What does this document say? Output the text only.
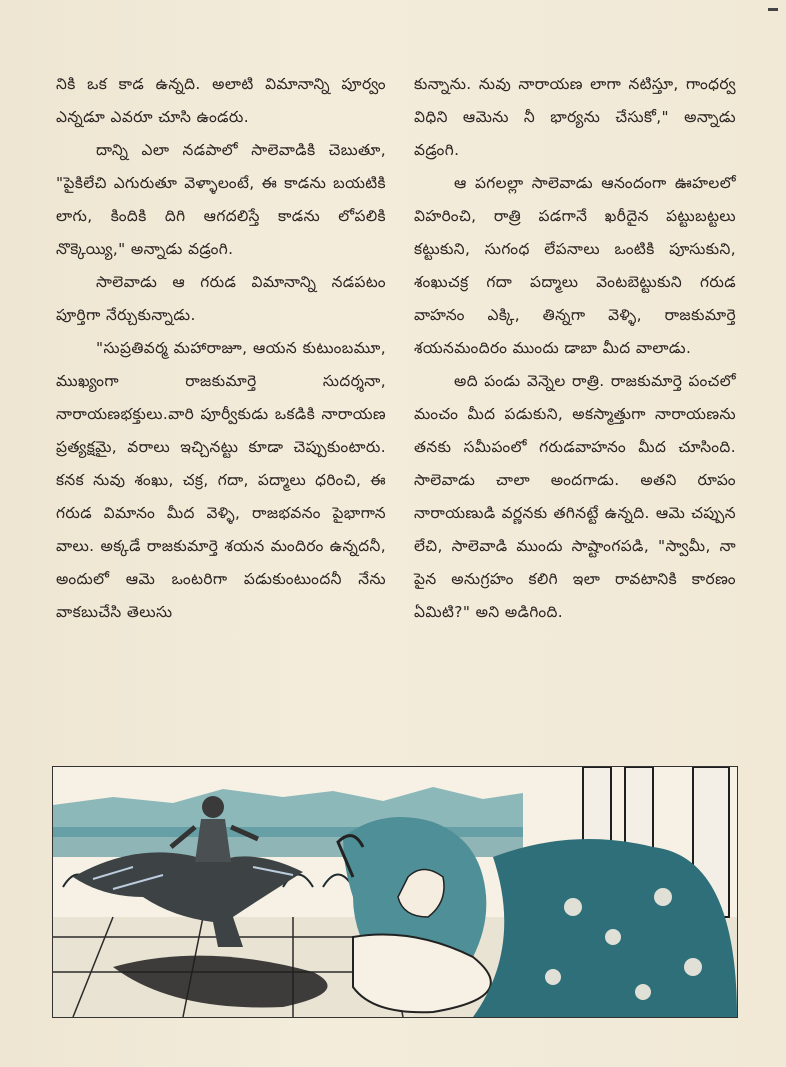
నికి ఒక కాడ ఉన్నది. అలాటి విమానాన్ని పూర్వం ఎన్నడూ ఎవరూ చూసి ఉండరు.

దాన్ని ఎలా నడపాలో సాలెవాడికి చెబుతూ, "పైకిలేచి ఎగురుతూ వెళ్ళాలంటే, ఈ కాడను బయటికి లాగు, కిందికి దిగి ఆగదలిస్తే కాడను లోపలికి నొక్కెయ్యి," అన్నాడు వడ్రంగి.

సాలెవాడు ఆ గరుడ విమానాన్ని నడపటం పూర్తిగా నేర్చుకున్నాడు.

"సుప్రతివర్మ మహారాజూ, ఆయన కుటుంబమూ, ముఖ్యంగా రాజకుమార్తె సుదర్శనా, నారాయణభక్తులు.వారి పూర్వీకుడు ఒకడికి నారాయణ ప్రత్యక్షమై, వరాలు ఇచ్చినట్టు కూడా చెప్పుకుంటారు. కనక నువు శంఖు, చక్ర, గదా, పద్మాలు ధరించి, ఈ గరుడ విమానం మీద వెళ్ళి, రాజభవనం పైభాగాన వాలు. అక్కడే రాజకుమార్తె శయన మందిరం ఉన్నదనీ, అందులో ఆమె ఒంటరిగా పడుకుంటుందనీ నేను వాకబుచేసి తెలుసు

కున్నాను. నువు నారాయణ లాగా నటిస్తూ, గాంధర్వ విధిని ఆమెను నీ భార్యను చేసుకో," అన్నాడు వడ్రంగి.

ఆ పగలల్లా సాలెవాడు ఆనందంగా ఊహలలో విహరించి, రాత్రి పడగానే ఖరీదైన పట్టుబట్టలు కట్టుకుని, సుగంధ లేపనాలు ఒంటికి పూసుకుని, శంఖుచక్ర గదా పద్మాలు వెంటబెట్టుకుని గరుడ వాహనం ఎక్కి, తిన్నగా వెళ్ళి, రాజకుమార్తె శయనమందిరం ముందు డాబా మీద వాలాడు.

అది పండు వెన్నెల రాత్రి. రాజకుమార్తె పంచలో మంచం మీద పడుకుని, అకస్మాత్తుగా నారాయణను తనకు సమీపంలో గరుడవాహనం మీద చూసింది. సాలెవాడు చాలా అందగాడు. అతని రూపం నారాయణుడి వర్ణనకు తగినట్టే ఉన్నది. ఆమె చప్పున లేచి, సాలెవాడి ముందు సాష్టాంగపడి, "స్వామీ, నా పైన అనుగ్రహం కలిగి ఇలా రావటానికి కారణం ఏమిటి?" అని అడిగింది.
